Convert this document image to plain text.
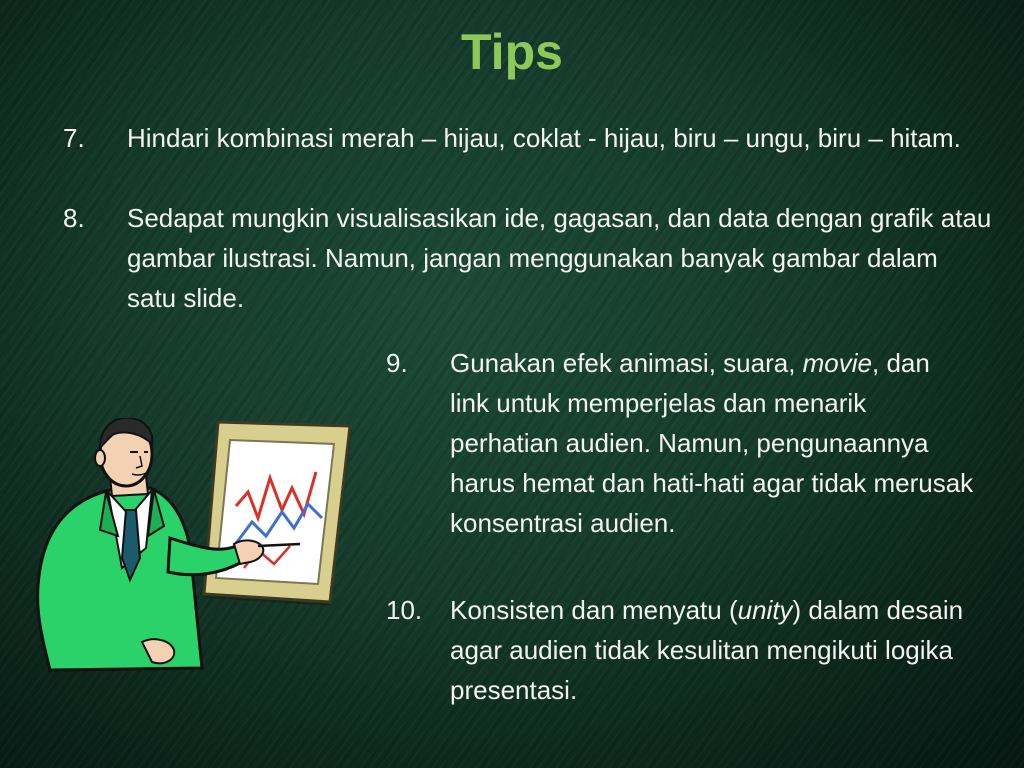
Tips
7. Hindari kombinasi merah – hijau, coklat - hijau, biru – ungu, biru – hitam.
8. Sedapat mungkin visualisasikan ide, gagasan, dan data dengan grafik atau gambar ilustrasi. Namun, jangan menggunakan banyak gambar dalam satu slide.
9. Gunakan efek animasi, suara, movie, dan link untuk memperjelas dan menarik perhatian audien. Namun, pengunaannya harus hemat dan hati-hati agar tidak merusak konsentrasi audien.
10. Konsisten dan menyatu (unity) dalam desain agar audien tidak kesulitan mengikuti logika presentasi.
